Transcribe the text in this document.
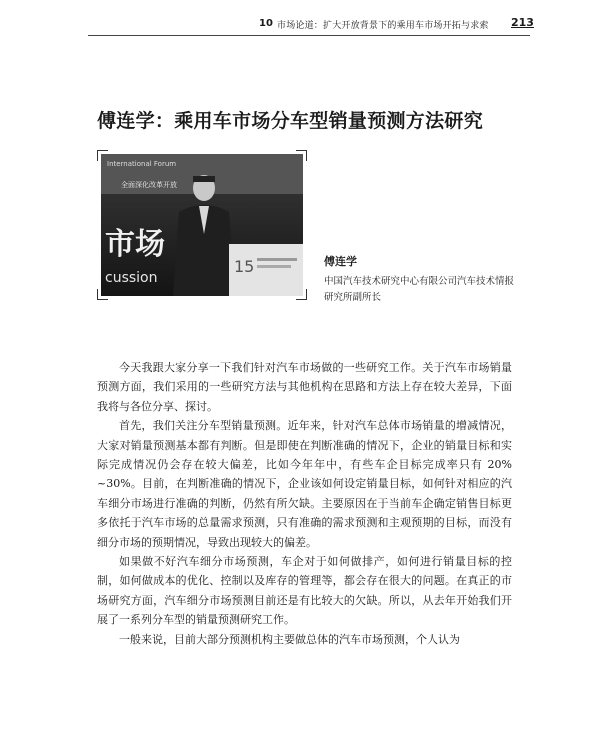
10 市场论道：扩大开放背景下的乘用车市场开拓与求索 213
傅连学：乘用车市场分车型销量预测方法研究
International Forum
全面深化改革开放
市场
cussion
15	傅连学

中国汽车技术研究中心有限公司汽车技术情报研究所副所长

今天我跟大家分享一下我们针对汽车市场做的一些研究工作。关于汽车市场销量预测方面，我们采用的一些研究方法与其他机构在思路和方法上存在较大差异，下面我将与各位分享、探讨。

首先，我们关注分车型销量预测。近年来，针对汽车总体市场销量的增减情况，大家对销量预测基本都有判断。但是即使在判断准确的情况下，企业的销量目标和实际完成情况仍会存在较大偏差，比如今年年中，有些车企目标完成率只有 20% ~30%。目前，在判断准确的情况下，企业该如何设定销量目标，如何针对相应的汽车细分市场进行准确的判断，仍然有所欠缺。主要原因在于当前车企确定销售目标更多依托于汽车市场的总量需求预测，只有准确的需求预测和主观预期的目标，而没有细分市场的预期情况，导致出现较大的偏差。

如果做不好汽车细分市场预测，车企对于如何做排产，如何进行销量目标的控制，如何做成本的优化、控制以及库存的管理等，都会存在很大的问题。在真正的市场研究方面，汽车细分市场预测目前还是有比较大的欠缺。所以，从去年开始我们开展了一系列分车型的销量预测研究工作。

一般来说，目前大部分预测机构主要做总体的汽车市场预测，个人认为
